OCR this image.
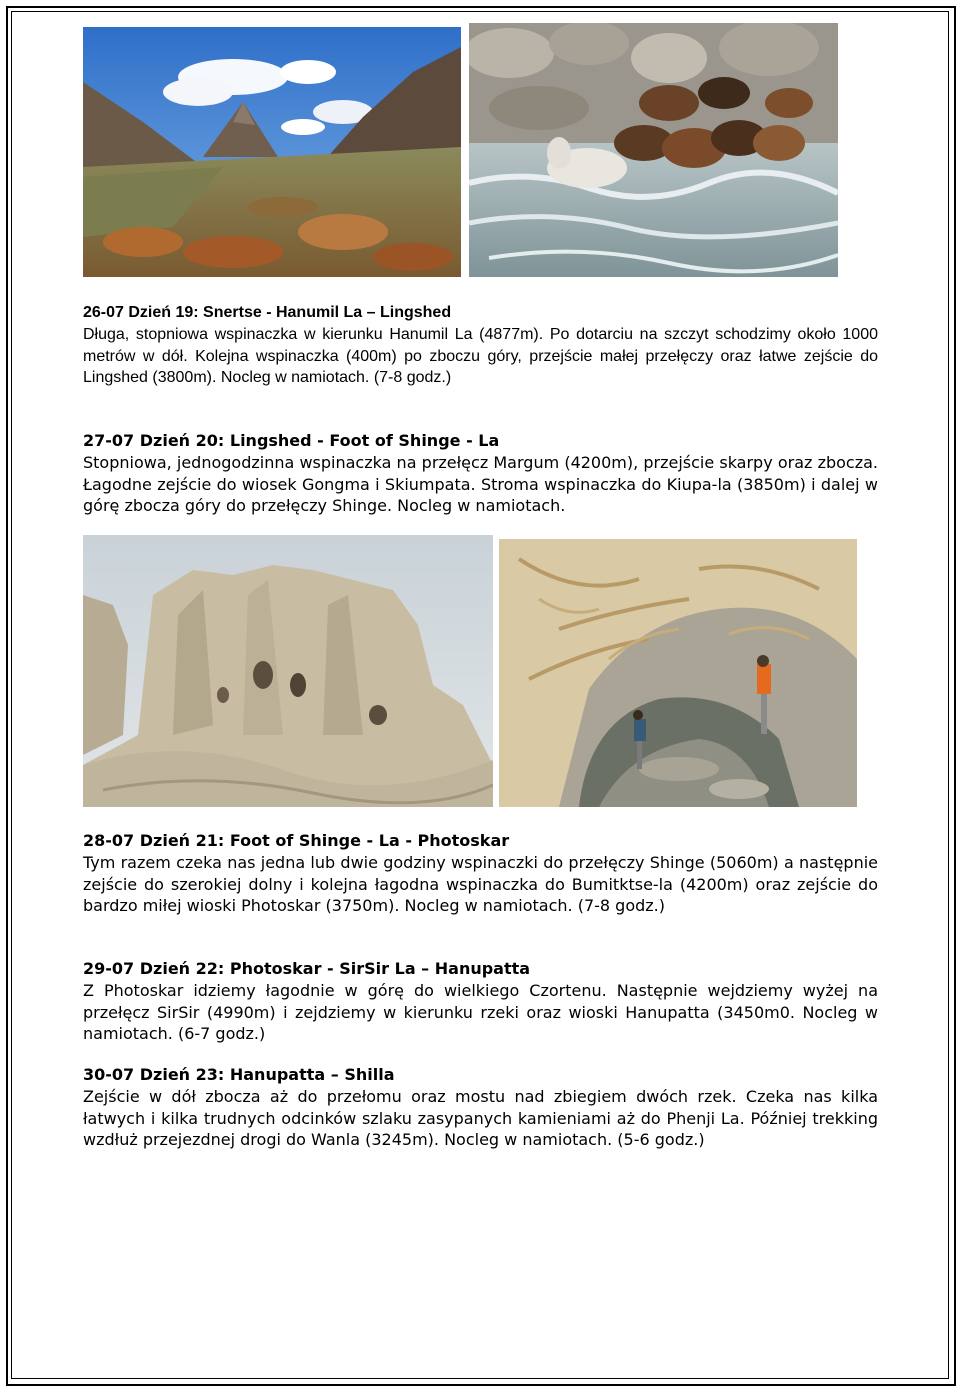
26-07 Dzień 19: Snertse - Hanumil La – Lingshed

Długa, stopniowa wspinaczka w kierunku Hanumil La (4877m). Po dotarciu na szczyt schodzimy około 1000 metrów w dół. Kolejna wspinaczka (400m) po zboczu góry, przejście małej przełęczy oraz łatwe zejście do Lingshed (3800m). Nocleg w namiotach. (7-8 godz.)

27-07 Dzień 20: Lingshed - Foot of Shinge - La

Stopniowa, jednogodzinna wspinaczka na przełęcz Margum (4200m), przejście skarpy oraz zbocza. Łagodne zejście do wiosek Gongma i Skiumpata. Stroma wspinaczka do Kiupa-la (3850m) i dalej w górę zbocza góry do przełęczy Shinge. Nocleg w namiotach.

28-07 Dzień 21: Foot of Shinge - La - Photoskar

Tym razem czeka nas jedna lub dwie godziny wspinaczki do przełęczy Shinge (5060m) a następnie zejście do szerokiej dolny i kolejna łagodna wspinaczka do Bumitktse-la (4200m) oraz zejście do bardzo miłej wioski Photoskar (3750m). Nocleg w namiotach. (7-8 godz.)

29-07 Dzień 22: Photoskar - SirSir La – Hanupatta

Z Photoskar idziemy łagodnie w górę do wielkiego Czortenu. Następnie wejdziemy wyżej na przełęcz SirSir (4990m) i zejdziemy w kierunku rzeki oraz wioski Hanupatta (3450m0. Nocleg w namiotach. (6-7 godz.)

30-07 Dzień 23: Hanupatta – Shilla

Zejście w dół zbocza aż do przełomu oraz mostu nad zbiegiem dwóch rzek. Czeka nas kilka łatwych i kilka trudnych odcinków szlaku zasypanych kamieniami aż do Phenji La. Później trekking wzdłuż przejezdnej drogi do Wanla (3245m). Nocleg w namiotach. (5-6 godz.)
